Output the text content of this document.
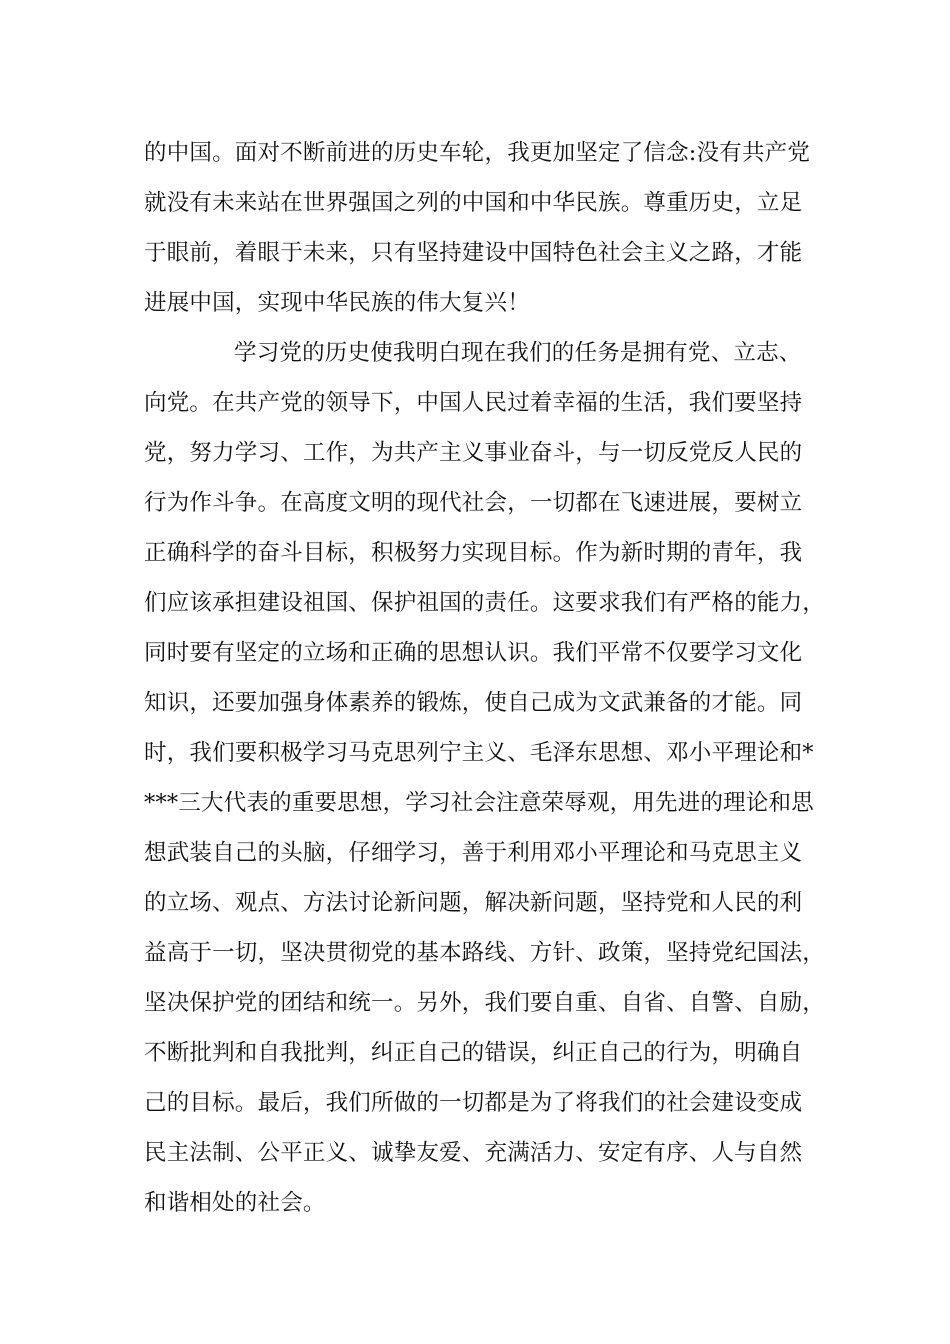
的中国。面对不断前进的历史车轮，我更加坚定了信念:没有共产党
就没有未来站在世界强国之列的中国和中华民族。尊重历史，立足
于眼前，着眼于未来，只有坚持建设中国特色社会主义之路，才能
进展中国，实现中华民族的伟大复兴！
学习党的历史使我明白现在我们的任务是拥有党、立志、
向党。在共产党的领导下，中国人民过着幸福的生活，我们要坚持
党，努力学习、工作，为共产主义事业奋斗，与一切反党反人民的
行为作斗争。在高度文明的现代社会，一切都在飞速进展，要树立
正确科学的奋斗目标，积极努力实现目标。作为新时期的青年，我
们应该承担建设祖国、保护祖国的责任。这要求我们有严格的能力，
同时要有坚定的立场和正确的思想认识。我们平常不仅要学习文化
知识，还要加强身体素养的锻炼，使自己成为文武兼备的才能。同
时，我们要积极学习马克思列宁主义、毛泽东思想、邓小平理论和*
***三大代表的重要思想，学习社会注意荣辱观，用先进的理论和思
想武装自己的头脑，仔细学习，善于利用邓小平理论和马克思主义
的立场、观点、方法讨论新问题，解决新问题，坚持党和人民的利
益高于一切，坚决贯彻党的基本路线、方针、政策，坚持党纪国法，
坚决保护党的团结和统一。另外，我们要自重、自省、自警、自励，
不断批判和自我批判，纠正自己的错误，纠正自己的行为，明确自
己的目标。最后，我们所做的一切都是为了将我们的社会建设变成
民主法制、公平正义、诚挚友爱、充满活力、安定有序、人与自然
和谐相处的社会。
